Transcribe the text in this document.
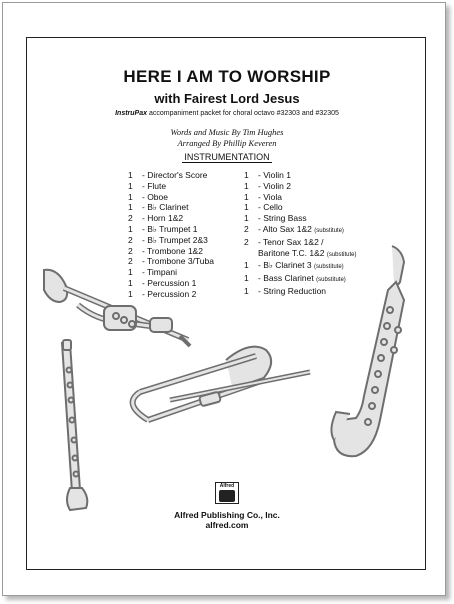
HERE I AM TO WORSHIP
with Fairest Lord Jesus
InstruPax accompaniment packet for choral octavo #32303 and #32305
Words and Music By Tim Hughes
Arranged By Phillip Keveren
INSTRUMENTATION
1 - Director's Score
1 - Flute
1 - Oboe
1 - B♭ Clarinet
2 - Horn 1&2
1 - B♭ Trumpet 1
2 - B♭ Trumpet 2&3
2 - Trombone 1&2
2 - Trombone 3/Tuba
1 - Timpani
1 - Percussion 1
1 - Percussion 2
1 - Violin 1
1 - Violin 2
1 - Viola
1 - Cello
1 - String Bass
2 - Alto Sax 1&2 (substitute)
2 - Tenor Sax 1&2 /
Baritone T.C. 1&2 (substitute)
1 - B♭ Clarinet 3 (substitute)
1 - Bass Clarinet (substitute)
1 - String Reduction
Alfred
Alfred Publishing Co., Inc.
alfred.com
